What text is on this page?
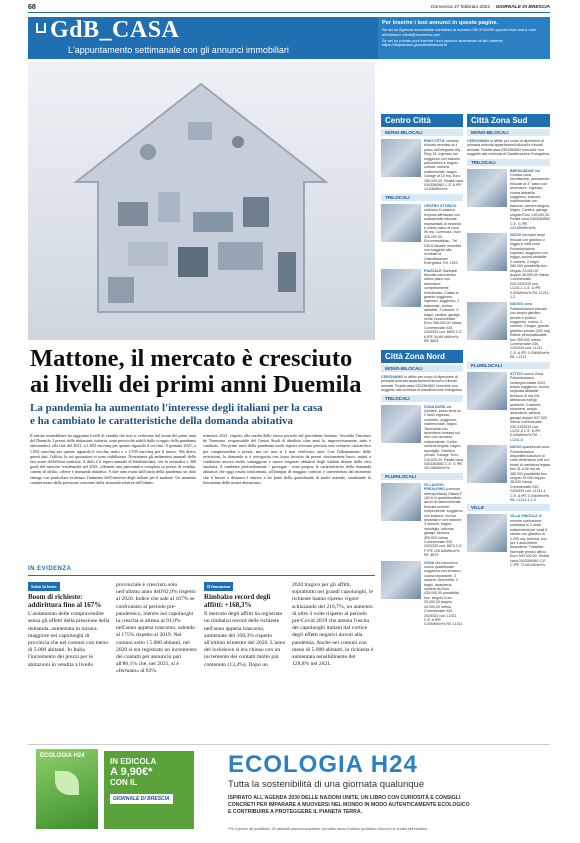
68	Domenica 27 febbraio 2022  · GIORNALE DI BRESCIA
GdB_CASA
L'appuntamento settimanale con gli annunci immobiliari
Per inserire i tuoi annunci in queste pagine.
Se sei un'Agenzia Immobiliare contattaci al numero 030.3740290 oppure invia una e-mail all'indirizzo clienti@numerica.com
Se sei un privato puoi inserire i tuoi annunci accedendo al sito internet https://ritoplacasa.giornaledibrescia.it/
Mattone, il mercato è cresciuto
ai livelli dei primi anni Duemila
La pandemia ha aumentato l'interesse degli italiani per la casa
e ha cambiato le caratteristiche della domanda abitativa
Il settore immobiliare ha raggiunto livelli di vendita che non si vedevano dal boom dei primi anni del Duemila. I prezzi delle abitazioni, tuttavia, sono pressoché stabili dallo scoppio della pandemia attestandosi, alla fine del 2021, a 1.692 euro/mq per quanto riguarda il vecchio. A gennaio 2021, a 1.692 euro/mq per quanto riguarda il vecchio usato e a 1.939 euro/mq per il nuovo. Ma dietro questi dati, l'affitto, le cui quotazioni si sono stabilizzate. Nonostante gli andamenti anomali delle fasi acute dell'allerta sanitaria. A dirlo è il report annuale di Idealista/data, che fa un'analisi a 360 gradi del mercato residenziale nel 2021, offrendo una panoramica completa su prezzi di vendita, canoni di affitto, offerte e domanda abitativa. A due anni esatti dall'inizio della pandemia un dato emerge con particolare evidenza: l'aumento dell'interesse degli italiani per il mattone. Un aumento caratterizzato dalla pressione crescente della domanda relativa nell'ultimo
trimestre 2021, rispetto alla media dello stesso periodo del precedente biennio. Secondo Vincenzo de Tommaso, responsabile del Centro Studi di idealista «due anni fa, improvvisamente, tutto è cambiato. Nei primi mesi della pandemia molti esperti avevano previsto uno scenario catastrofico per compravendite e prezzi, ma ciò non si è mai verificato, anzi. Con l'allentamento delle restrizioni, la domanda si è rinvigorita con forza favorita da prezzi storicamente bassi, mutui a condizioni ancora molto vantaggiose e nuove esigenze abitative degli italiani dettate dalla crisi sanitaria. A cambiare profondamente - prosegue - sono proprio le caratteristiche della domanda abitativa che oggi risulta trasformata, all'insegna di maggior comfort e convenienza dal momento che il lavoro a distanza è entrato a far parte della quotidianità di molte aziende, cambiando la fisionomia delle nostre abitazioni».
IN EVIDENZA
Sotto la lente
Boom di richieste: addirittura fino al 167%
L'andamento delle compravendite senza gli effetti della pressione della domanda, aumentata in misura maggiore nei capoluoghi di provincia che nei comuni con meno di 5.000 abitanti. In Italia l'incremento dei prezzi per le abitazioni in vendita a livello
provinciale è cresciuto solo nell'ultimo anno dell'82,9% rispetto al 2020. Indice che sale al 167% se confrontato al periodo pre-pandemico, mentre nei capoluoghi la crescita si attesta al 91,9% nell'anno appena trascorso, salendo al 175% rispetto al 2019. Nei comuni sotto i 5.000 abitanti, nel 2020 si era registrato un incremento dei contatti per annuncio pari all'86,1% che, nel 2021, si è «fermato» al 83%.
Il fenomeno
Rimbalzo record degli affitti: +168,3%
Il mercato degli affitti ha registrato un rimbalzo record delle richieste nell'anno appena trascorso, aumentate del 168,3% rispetto all'ultimo trimestre del 2020. L'anno del lockdown si era chiuso con un incremento dei contatti molto più contenuto (13,4%). Dopo un
2020 tragico per gli affitti, soprattutto nei grandi capoluoghi, le richieste hanno ripreso vigore schizzando del 216,7%, un aumento di oltre 3 volte rispetto al periodo pre-Covid 2019 che attesta l'uscita dei capoluoghi italiani dal vortice degli effetti negativi dovuti alla pandemia. Anche nei comuni con meno di 5.000 abitanti, la richiesta è aumentata sensibilmente del 128,8% nel 2021.
Centro Città
MONO-BILOCALI
RING CITTA' vendesi bilocale arredato al 4 piano dell'elegante city Ring 78. Ingresso nel soggiorno con balcone panoramico e angolo cottura, camera matrimoniale, bagno. Garage di 10 mq. Euro 185.000,00. Realtà casa 0303384562 C.E. A IPE 14,53kWh/m²a.
TRILOCALI
CENTRO STORICO ombiano in palazzo d'epoca affrescato con suddivisibile trilocale mansardato al secondo e ultimo piano di circa 90 mq. Luminoso, euro 325.000,00. Euromandelbau - Tel 030.8 Idealbe Immobile non soggetto alla richiesta di Classificazione Energetica. Rif. 1922
PIAZZALE Garibaldi trilocale panoramico ultimo piano con ascensore completamente ristrutturato: Classe A, grande soggiorno, ingresso, soggiorno, 2 balconate, cucina abitabile, 2 camere, 2 bagni, cantina, garage, verde condominiale. Euro 398.000,00 Intesa Commerciale 030-2420333 cod. 8893 C.E. A IPE 34,66 kWh/m²a. Rif. 8893
Città Zona Nord
MONO-BILOCALI
CERCHIAMO in affitto per conto di dipendenti di primaria azienda appartamenti bilocali e trilocali arredati. Realtà casa 0303384562 Immobile non soggetto alla richiesta di classificazione energetica.
TRILOCALI
ZONA NORD via Genderi, piano terra su 2 livelli ingresso, cucinotto, soggiorno, matrimoniale, bagno. Tavernetta con lavanderia rimessa sul retro con accesso indipendente. Cortile, camera singola, bagno, ripostiglio. Giardino privato. Garage. Euro 219.000,00. Realtà casa 0303384562 C.E. G IPE 161,66kWh/m²a.
PLURILOCALI
VILLAGGIO PREALPINO (comodo metropolitana) Classe F 160,6 in quadrifamiliare lavori di riammodernati: fermata recente, Indipendente: soggiorno con balcone, cucina separata e con balcone, 3 camere, bagno, ripostiglio, balcone, garage, taverna. 309.000 Intesa Commerciale 030-2420333 cod. 8879 C.E. F IPE 126,64kWh/m²a. Rif. 8879
ZONA Via Innocenzo nuovo quadrilocale soggiorno con terrazzo, cucina separabile, 3 camere, tavernetta, 2 bagni, lavanderia, cantina da Euro 435.000,00 possibilità box: singolo Euro 25.000,00 doppio 44.000,00 Intesa Commerciale 030-2420333 cod. L1011 C.E. A IPE 0,00kWh/m²a Rif. L1011
Città Zona Sud
MONO-BILOCALI
CERCHIAMO in affitto per conto di dipendenti di primaria azienda appartamenti bilocali e trilocali arredati. Realtà casa 0303384562 Immobile non soggetto alla richiesta di Classificazione Energetica.
TRILOCALI
BRESCIADUE Via Corsica zona servitissima, panoramico trilocale al 4° piano con ascensore. Ingresso, cucina abitabile, soggiorno, balcone, matrimoniale con balcone, camera singola, bagno. Cantina, garage singolo Euro 145.000,00. Realtà casa 0303384562 C.E. G IPE 122,65kWh/m²a.
NUOVI esclusivi ampi trilocali con giardino o loggia in città zona Poliambulatorio ingresso, soggiorno con loggia, cucina abitabile, 2 camere, 2 bagni 380.000 possibilità box - singolo 23.000,00 doppio 38.000,00 Intesa Commerciale 030.2420333 cod. L1211-1 C.E. A IPE 0,00kWh/m²a Rif. L1211-1-2
NUOVO zona Poliambulanza trilocale con ampio giardino privato e portico: soggiorno, cucina, 2 camere, 2 bagni, grande giardino privato (300 mq) finiture personalizzabili, box 355.000 Intesa Commerciale 030-2420333 cod. L1211 C.E. A IPE 0,00kWh/m²a Rif. L1211
PLURILOCALI
ATTICO nuovo Zona Poliambulanza, consegna estate 2022 ampio soggiorno, cucina separata abitabile, terrazzo di mq che abbraccia tutti gli ambienti, 3 camere, bicamera, ampia lavanderia, cantina, garage doppio 537.000 Intesa Commerciale 030-2420333 cod. L1211-5 C.E. A IPE 0,00kWh/m²a Rif. ... L1211-5
NUOVI quadrilocali zona Poliambulanza disponibili soluzioni di varie dimensioni tutti con binari di metratura legata fino 31 a 60 mq da 385.000 possibilità box: singolo 25.000 doppio 38.000 Intesa Commerciale 030-2420333 cod. L1211-1 C.E. A IPE 0,00kWh/m²a Rif. L1211-1-2-3
VILLE
VILLA SINGOLA di recente costruzione suddivisa in 2 unità indipendenti per totali 5 stanze con giardino di 1.000 mq, taverna, box per 4 autovetture, lavanderia. Trattative riservate presso ufficio. Euro 590.000,00. Realtà casa 0303384562 C.E. C IPE 72,66 kWh/m²a.
ECOLOGIA H24
IN EDICOLA
A 9,90€*
CON IL
GIORNALE DI BRESCIA
ECOLOGIA H24
Tutta la sostenibilità di una giornata qualunque
ISPIRATO ALL'AGENDA 2030 DELLE NAZIONI UNITE, UN LIBRO CON CURIOSITÀ E CONSIGLI
CONCRETI PER IMPARARE A MUOVERSI NEL MONDO IN MODO AUTENTICAMENTE ECOLOGICO
E CONTRIBUIRE A PROTEGGERE IL PIANETA TERRA.
*Più il prezzo del quotidiano. Gli abbonati possono acquistare il prodotto senza il relativo quotidiano al prezzo di vendita dell'iniziativa.
